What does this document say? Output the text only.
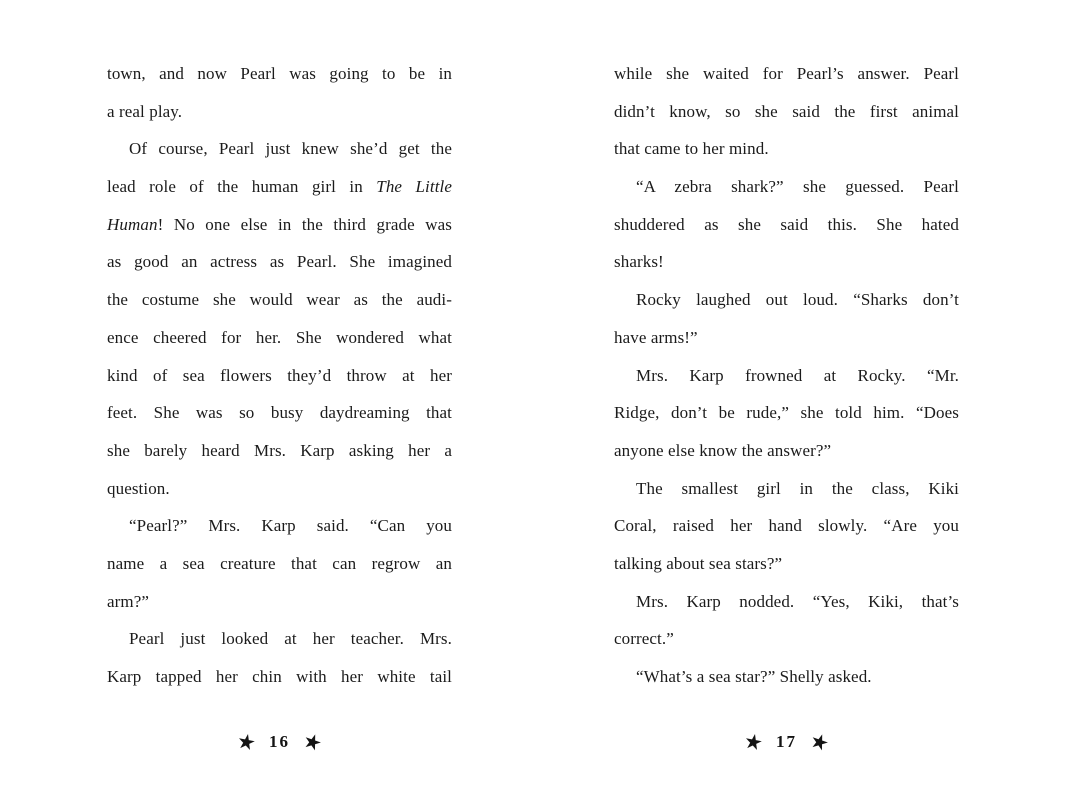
town, and now Pearl was going to be in
a real play.
Of course, Pearl just knew she’d get the
lead role of the human girl in The Little
Human! No one else in the third grade was
as good an actress as Pearl. She imagined
the costume she would wear as the audi-
ence cheered for her. She wondered what
kind of sea flowers they’d throw at her
feet. She was so busy daydreaming that
she barely heard Mrs. Karp asking her a
question.
“Pearl?” Mrs. Karp said. “Can you
name a sea creature that can regrow an
arm?”
Pearl just looked at her teacher. Mrs.
Karp tapped her chin with her white tail
★ 16 ★
while she waited for Pearl’s answer. Pearl
didn’t know, so she said the first animal
that came to her mind.
“A zebra shark?” she guessed. Pearl
shuddered as she said this. She hated
sharks!
Rocky laughed out loud. “Sharks don’t
have arms!”
Mrs. Karp frowned at Rocky. “Mr.
Ridge, don’t be rude,” she told him. “Does
anyone else know the answer?”
The smallest girl in the class, Kiki
Coral, raised her hand slowly. “Are you
talking about sea stars?”
Mrs. Karp nodded. “Yes, Kiki, that’s
correct.”
“What’s a sea star?” Shelly asked.
★ 17 ★
